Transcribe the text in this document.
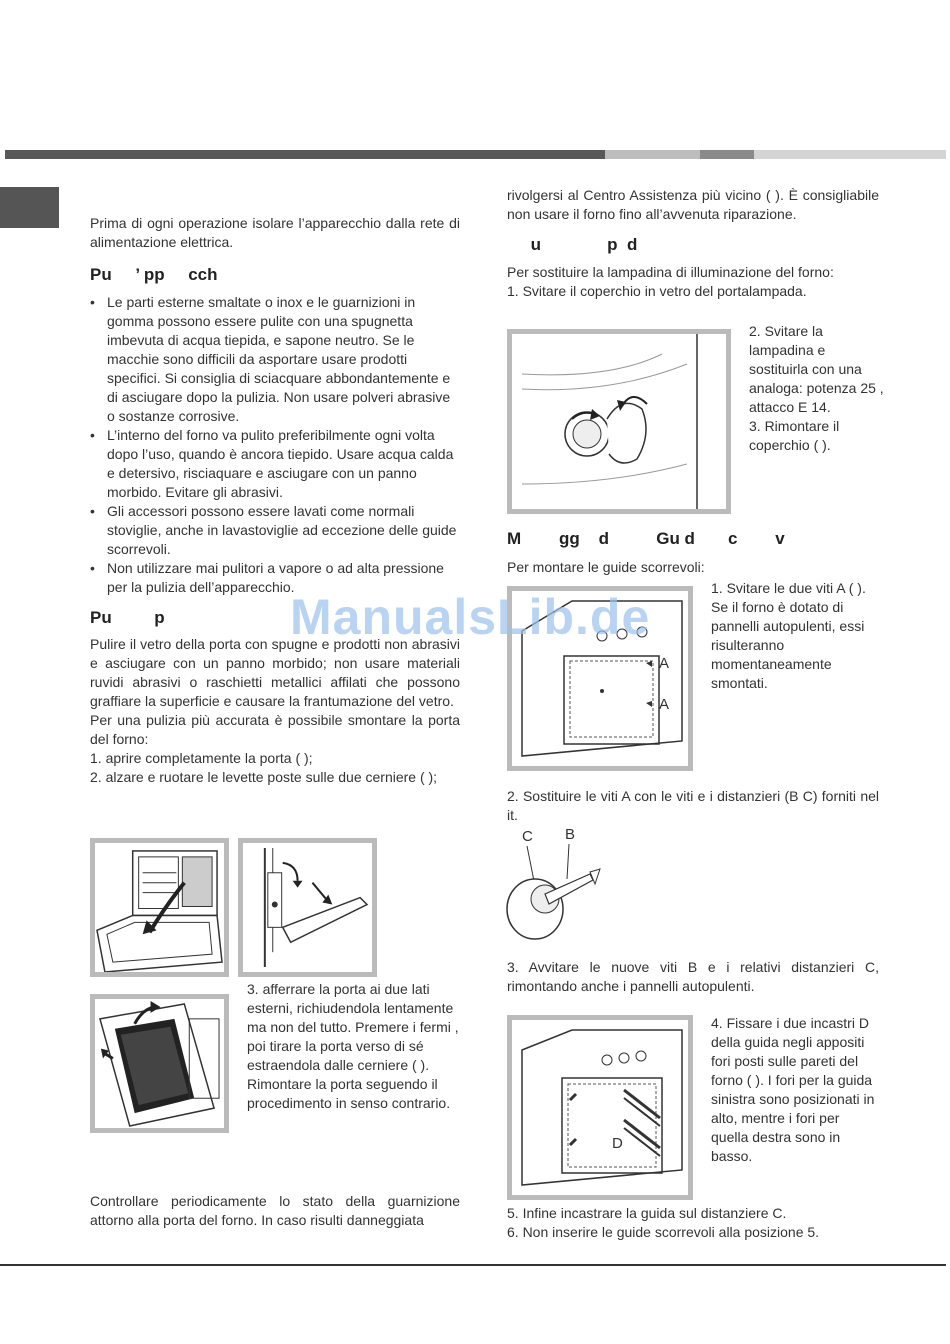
Prima di ogni operazione isolare l’apparecchio dalla rete di alimentazione elettrica.

Pu     ’ pp     cch

• Le parti esterne smaltate o inox e le guarnizioni in gomma possono essere pulite con una spugnetta imbevuta di acqua tiepida, e sapone neutro. Se le macchie sono difficili da asportare usare prodotti specifici. Si consiglia di sciacquare abbondantemente e di asciugare dopo la pulizia. Non usare polveri abrasive o sostanze corrosive.
• L’interno del forno va pulito preferibilmente ogni volta dopo l’uso, quando è ancora tiepido. Usare acqua calda e detersivo, risciaquare e asciugare con un panno morbido. Evitare gli abrasivi.
• Gli accessori possono essere lavati come normali stoviglie, anche in lavastoviglie ad eccezione delle guide scorrevoli.
• Non utilizzare mai pulitori a vapore o ad alta pressione per la pulizia dell’apparecchio.

Pu         p

Pulire il vetro della porta con spugne e prodotti non abrasivi e asciugare con un panno morbido; non usare materiali ruvidi abrasivi o raschietti metallici affilati che possono graffiare la superficie e causare la frantumazione del vetro.

Per una pulizia più accurata è possibile smontare la porta del forno:

1. aprire completamente la porta ( );

2. alzare e ruotare le levette poste sulle due cerniere ( );

3. afferrare la porta ai due lati esterni, richiudendola lentamente ma non del tutto. Premere i fermi , poi tirare la porta verso di sé estraendola dalle cerniere ( ). Rimontare la porta seguendo il procedimento in senso contrario.

Controllare periodicamente lo stato della guarnizione attorno alla porta del forno. In caso risulti danneggiata

rivolgersi al Centro Assistenza più vicino ( ). È consigliabile non usare il forno fino all’avvenuta riparazione.

u              p  d

Per sostituire la lampadina di illuminazione del forno:

1. Svitare il coperchio in vetro del portalampada.

2. Svitare la lampadina e sostituirla con una analoga: potenza 25 , attacco E 14.

3. Rimontare il coperchio ( ).

M        gg    d          Gu d       c        v

Per montare le guide scorrevoli:

A
A
1. Svitare le due viti A ( ). Se il forno è dotato di pannelli autopulenti, essi risulteranno momentaneamente smontati.

2. Sostituire le viti A con le viti e i distanzieri (B C) forniti nel it.

C B

3. Avvitare le nuove viti B e i relativi distanzieri C, rimontando anche i pannelli autopulenti.

D
4. Fissare i due incastri D della guida negli appositi fori posti sulle pareti del forno ( ). I fori per la guida sinistra sono posizionati in alto, mentre i fori per quella destra sono in basso.

5. Infine incastrare la guida sul distanziere C.

6. Non inserire le guide scorrevoli alla posizione 5.

ManualsLib.de
